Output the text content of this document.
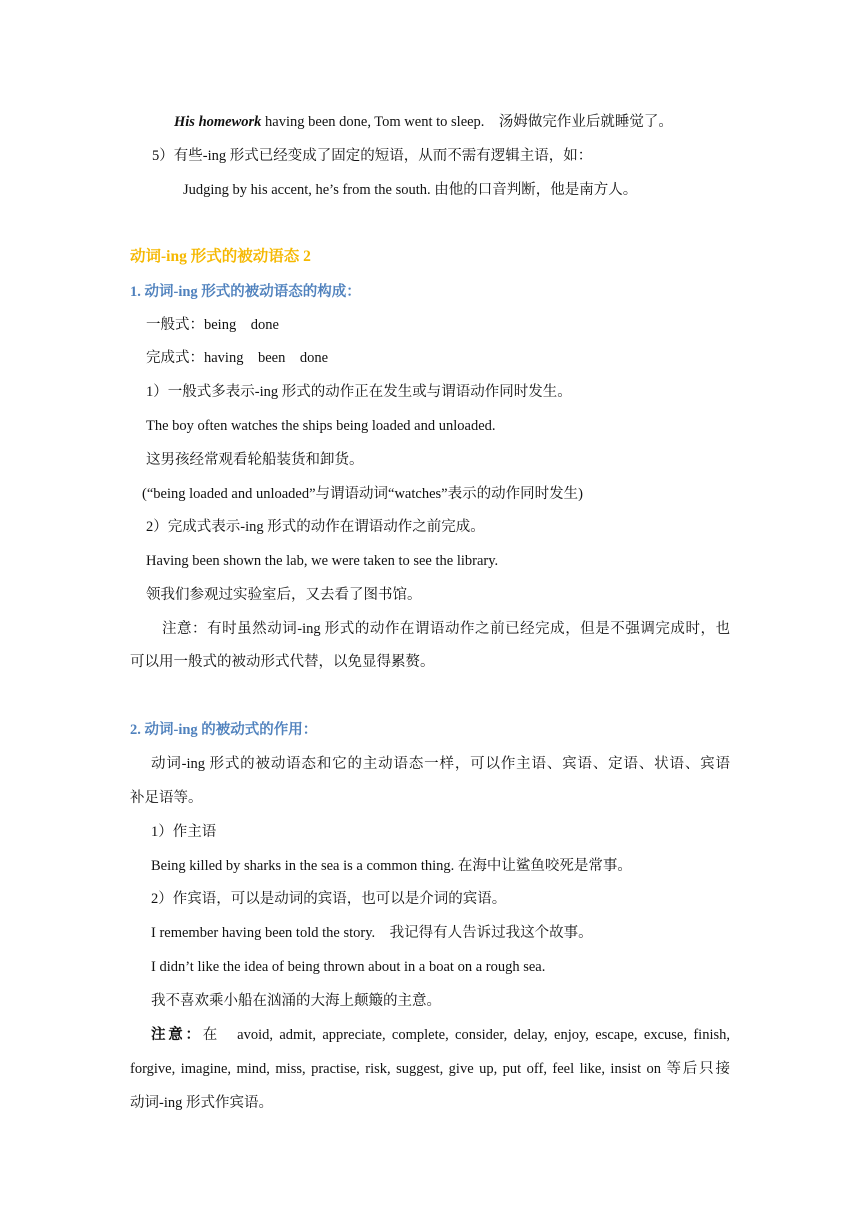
His homework having been done, Tom went to sleep.　汤姆做完作业后就睡觉了。
5）有些-ing 形式已经变成了固定的短语，从而不需有逻辑主语，如：
Judging by his accent, he’s from the south. 由他的口音判断，他是南方人。
动词-ing 形式的被动语态 2
1. 动词-ing 形式的被动语态的构成：
一般式：being　done
完成式：having　been　done
1）一般式多表示-ing 形式的动作正在发生或与谓语动作同时发生。
The boy often watches the ships being loaded and unloaded.
这男孩经常观看轮船装货和卸货。
(“being loaded and unloaded”与谓语动词“watches”表示的动作同时发生)
2）完成式表示-ing 形式的动作在谓语动作之前完成。
Having been shown the lab, we were taken to see the library.
领我们参观过实验室后，又去看了图书馆。
注意：有时虽然动词-ing 形式的动作在谓语动作之前已经完成，但是不强调完成时，也
可以用一般式的被动形式代替，以免显得累赘。
2. 动词-ing 的被动式的作用：
动词-ing 形式的被动语态和它的主动语态一样，可以作主语、宾语、定语、状语、宾语
补足语等。
1）作主语
Being killed by sharks in the sea is a common thing. 在海中让鲨鱼咬死是常事。
2）作宾语，可以是动词的宾语，也可以是介词的宾语。
I remember having been told the story.　我记得有人告诉过我这个故事。
I didn’t like the idea of being thrown about in a boat on a rough sea.
我不喜欢乘小船在汹涌的大海上颠簸的主意。
注意：在　avoid, admit, appreciate, complete, consider, delay, enjoy, escape, excuse, finish,
forgive, imagine, mind, miss, practise, risk, suggest, give up, put off, feel like, insist on 等后只接
动词-ing 形式作宾语。
